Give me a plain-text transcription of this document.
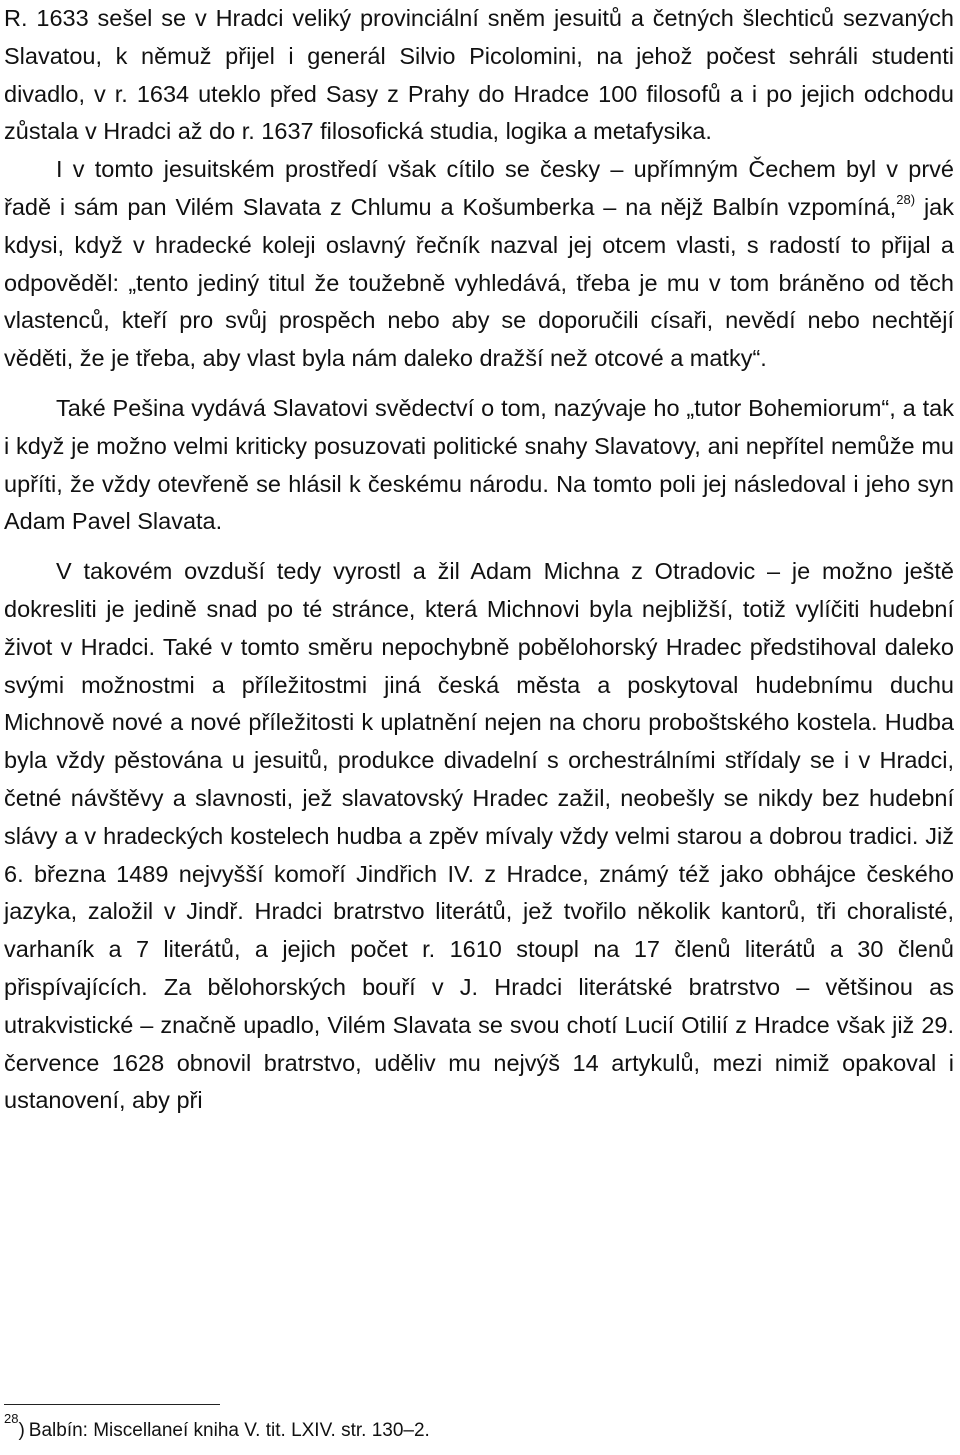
R. 1633 sešel se v Hradci veliký provinciální sněm jesuitů a četných šlechticů sezvaných Slavatou, k němuž přijel i generál Silvio Picolomini, na jehož počest sehráli studenti divadlo, v r. 1634 uteklo před Sasy z Prahy do Hradce 100 filosofů a i po jejich odchodu zůstala v Hradci až do r. 1637 filosofická studia, logika a metafysika.

I v tomto jesuitském prostředí však cítilo se česky – upřímným Čechem byl v prvé řadě i sám pan Vilém Slavata z Chlumu a Košumberka – na nějž Balbín vzpomíná,$^{28)}$ jak kdysi, když v hradecké koleji oslavný řečník nazval jej otcem vlasti, s radostí to přijal a odpověděl: „tento jediný titul že toužebně vyhledává, třeba je mu v tom bráněno od těch vlastenců, kteří pro svůj prospěch nebo aby se doporučili císaři, nevědí nebo nechtějí věděti, že je třeba, aby vlast byla nám daleko dražší než otcové a matky“.

Také Pešina vydává Slavatovi svědectví o tom, nazývaje ho „tutor Bohemiorum“, a tak i když je možno velmi kriticky posuzovati politické snahy Slavatovy, ani nepřítel nemůže mu upříti, že vždy otevřeně se hlásil k českému národu. Na tomto poli jej následoval i jeho syn Adam Pavel Slavata.

V takovém ovzduší tedy vyrostl a žil Adam Michna z Otradovic – je možno ještě dokresliti je jedině snad po té stránce, která Michnovi byla nejbližší, totiž vylíčiti hudební život v Hradci. Také v tomto směru nepochybně pobělohorský Hradec předstihoval daleko svými možnostmi a příležitostmi jiná česká města a poskytoval hudebnímu duchu Michnově nové a nové příležitosti k uplatnění nejen na choru proboštského kostela. Hudba byla vždy pěstována u jesuitů, produkce divadelní s orchestrálními střídaly se i v Hradci, četné návštěvy a slavnosti, jež slavatovský Hradec zažil, neobešly se nikdy bez hudební slávy a v hradeckých kostelech hudba a zpěv mívaly vždy velmi starou a dobrou tradici. Již 6. března 1489 nejvyšší komoří Jindřich IV. z Hradce, známý též jako obhájce českého jazyka, založil v Jindř. Hradci bratrstvo literátů, jež tvořilo několik kantorů, tři choralisté, varhaník a 7 literátů, a jejich počet r. 1610 stoupl na 17 členů literátů a 30 členů přispívajících. Za bělohorských bouří v J. Hradci literátské bratrstvo – většinou as utrakvistické – značně upadlo, Vilém Slavata se svou chotí Lucií Otilií z Hradce však již 29. července 1628 obnovil bratrstvo, uděliv mu nejvýš 14 artykulů, mezi nimiž opakoval i ustanovení, aby při

$^{28}$) Balbín: Miscellaneí kniha V. tit. LXIV. str. 130–2.
